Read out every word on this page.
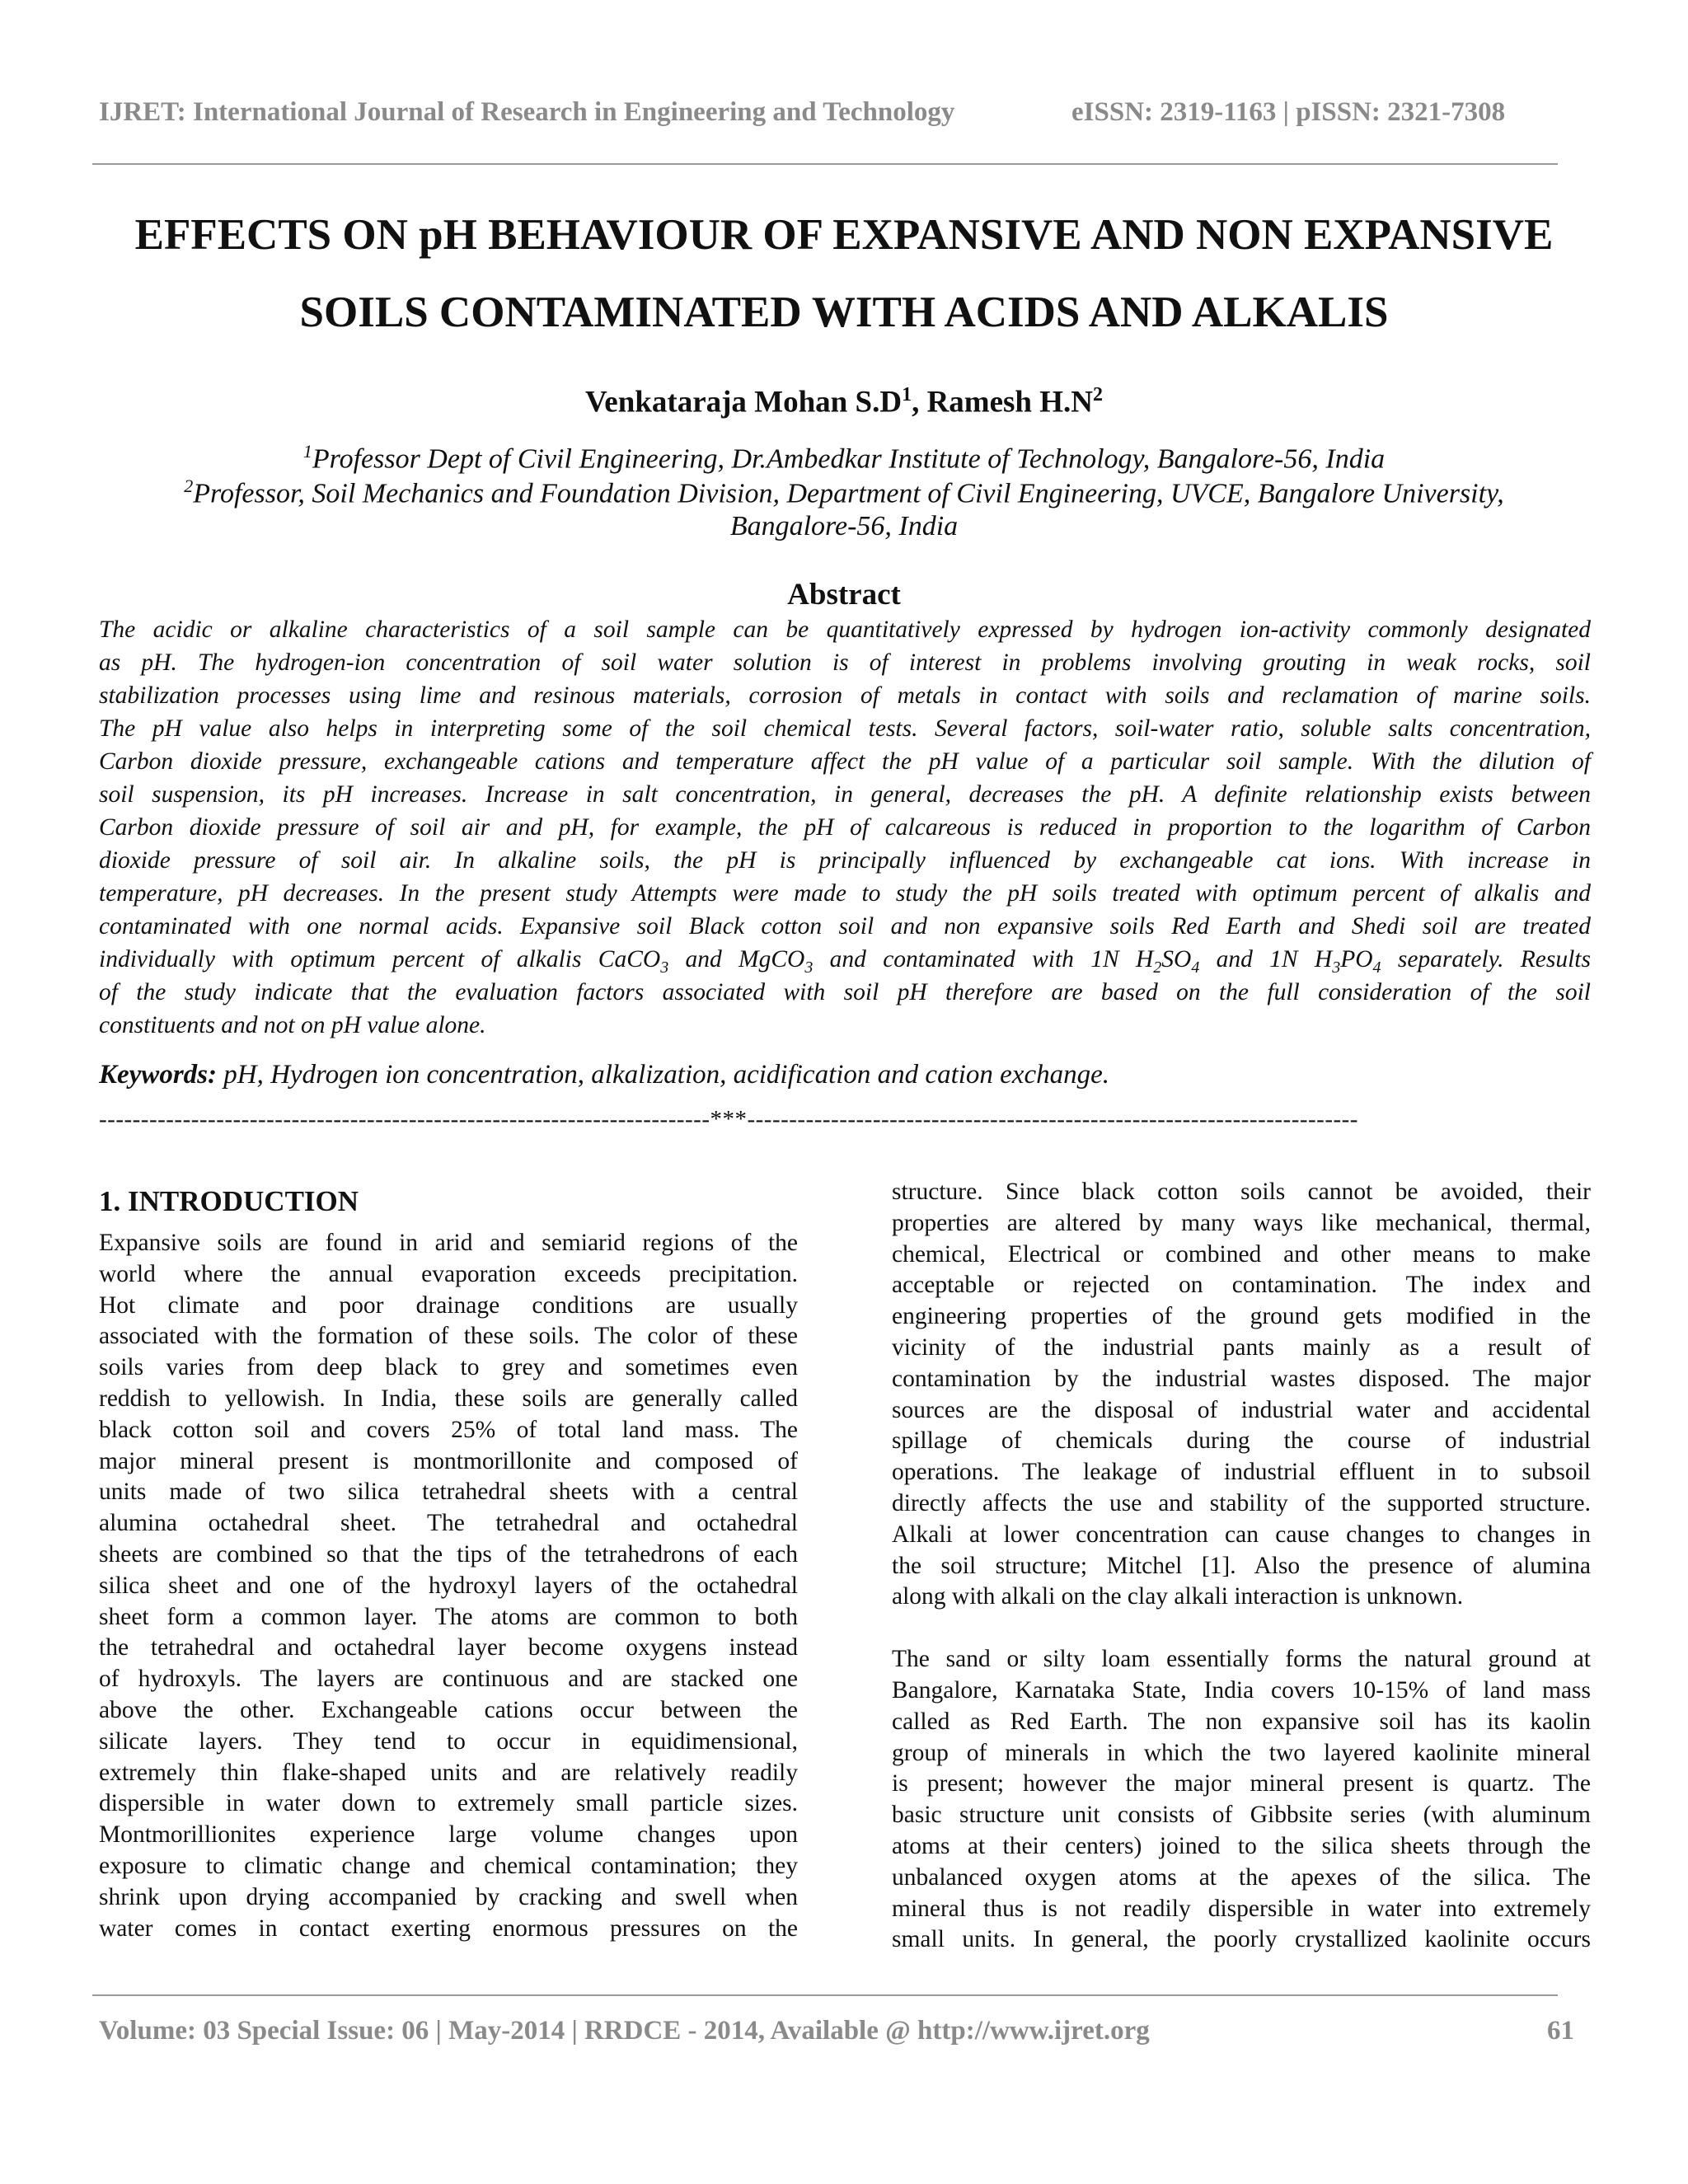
IJRET: International Journal of Research in Engineering and Technology	eISSN: 2319-1163 | pISSN: 2321-7308
EFFECTS ON pH BEHAVIOUR OF EXPANSIVE AND NON EXPANSIVE
SOILS CONTAMINATED WITH ACIDS AND ALKALIS
Venkataraja Mohan $S.D^1$, Ramesh $H.N^2$
$^1$Professor Dept of Civil Engineering, Dr.Ambedkar Institute of Technology, Bangalore-56, India
$^2$Professor, Soil Mechanics and Foundation Division, Department of Civil Engineering, UVCE, Bangalore University,
Bangalore-56, India
Abstract
The acidic or alkaline characteristics of a soil sample can be quantitatively expressed by hydrogen ion-activity commonly designated
as pH. The hydrogen-ion concentration of soil water solution is of interest in problems involving grouting in weak rocks, soil
stabilization processes using lime and resinous materials, corrosion of metals in contact with soils and reclamation of marine soils.
The pH value also helps in interpreting some of the soil chemical tests. Several factors, soil-water ratio, soluble salts concentration,
Carbon dioxide pressure, exchangeable cations and temperature affect the pH value of a particular soil sample. With the dilution of
soil suspension, its pH increases. Increase in salt concentration, in general, decreases the pH. A definite relationship exists between
Carbon dioxide pressure of soil air and pH, for example, the pH of calcareous is reduced in proportion to the logarithm of Carbon
dioxide pressure of soil air. In alkaline soils, the pH is principally influenced by exchangeable cat ions. With increase in
temperature, pH decreases. In the present study Attempts were made to study the pH soils treated with optimum percent of alkalis and
contaminated with one normal acids. Expansive soil Black cotton soil and non expansive soils Red Earth and Shedi soil are treated
individually with optimum percent of alkalis CaCO$_3$ and MgCO$_3$ and contaminated with 1N $H_2SO_4$ and 1N $H_3PO_4$ separately. Results
of the study indicate that the evaluation factors associated with soil pH therefore are based on the full consideration of the soil
constituents and not on pH value alone.
Keywords: pH, Hydrogen ion concentration, alkalization, acidification and cation exchange.
-------------------------------------------------------------------------***-------------------------------------------------------------------------
1. INTRODUCTION
Expansive soils are found in arid and semiarid regions of the
world where the annual evaporation exceeds precipitation.
Hot climate and poor drainage conditions are usually
associated with the formation of these soils. The color of these
soils varies from deep black to grey and sometimes even
reddish to yellowish. In India, these soils are generally called
black cotton soil and covers 25% of total land mass. The
major mineral present is montmorillonite and composed of
units made of two silica tetrahedral sheets with a central
alumina octahedral sheet. The tetrahedral and octahedral
sheets are combined so that the tips of the tetrahedrons of each
silica sheet and one of the hydroxyl layers of the octahedral
sheet form a common layer. The atoms are common to both
the tetrahedral and octahedral layer become oxygens instead
of hydroxyls. The layers are continuous and are stacked one
above the other. Exchangeable cations occur between the
silicate layers. They tend to occur in equidimensional,
extremely thin flake-shaped units and are relatively readily
dispersible in water down to extremely small particle sizes.
Montmorillionites experience large volume changes upon
exposure to climatic change and chemical contamination; they
shrink upon drying accompanied by cracking and swell when
water comes in contact exerting enormous pressures on the
structure. Since black cotton soils cannot be avoided, their
properties are altered by many ways like mechanical, thermal,
chemical, Electrical or combined and other means to make
acceptable or rejected on contamination. The index and
engineering properties of the ground gets modified in the
vicinity of the industrial pants mainly as a result of
contamination by the industrial wastes disposed. The major
sources are the disposal of industrial water and accidental
spillage of chemicals during the course of industrial
operations. The leakage of industrial effluent in to subsoil
directly affects the use and stability of the supported structure.
Alkali at lower concentration can cause changes to changes in
the soil structure; Mitchel [1]. Also the presence of alumina
along with alkali on the clay alkali interaction is unknown.
The sand or silty loam essentially forms the natural ground at
Bangalore, Karnataka State, India covers 10-15% of land mass
called as Red Earth. The non expansive soil has its kaolin
group of minerals in which the two layered kaolinite mineral
is present; however the major mineral present is quartz. The
basic structure unit consists of Gibbsite series (with aluminum
atoms at their centers) joined to the silica sheets through the
unbalanced oxygen atoms at the apexes of the silica. The
mineral thus is not readily dispersible in water into extremely
small units. In general, the poorly crystallized kaolinite occurs
Volume: 03 Special Issue: 06 | May-2014 | RRDCE - 2014, Available @ http://www.ijret.org	61
